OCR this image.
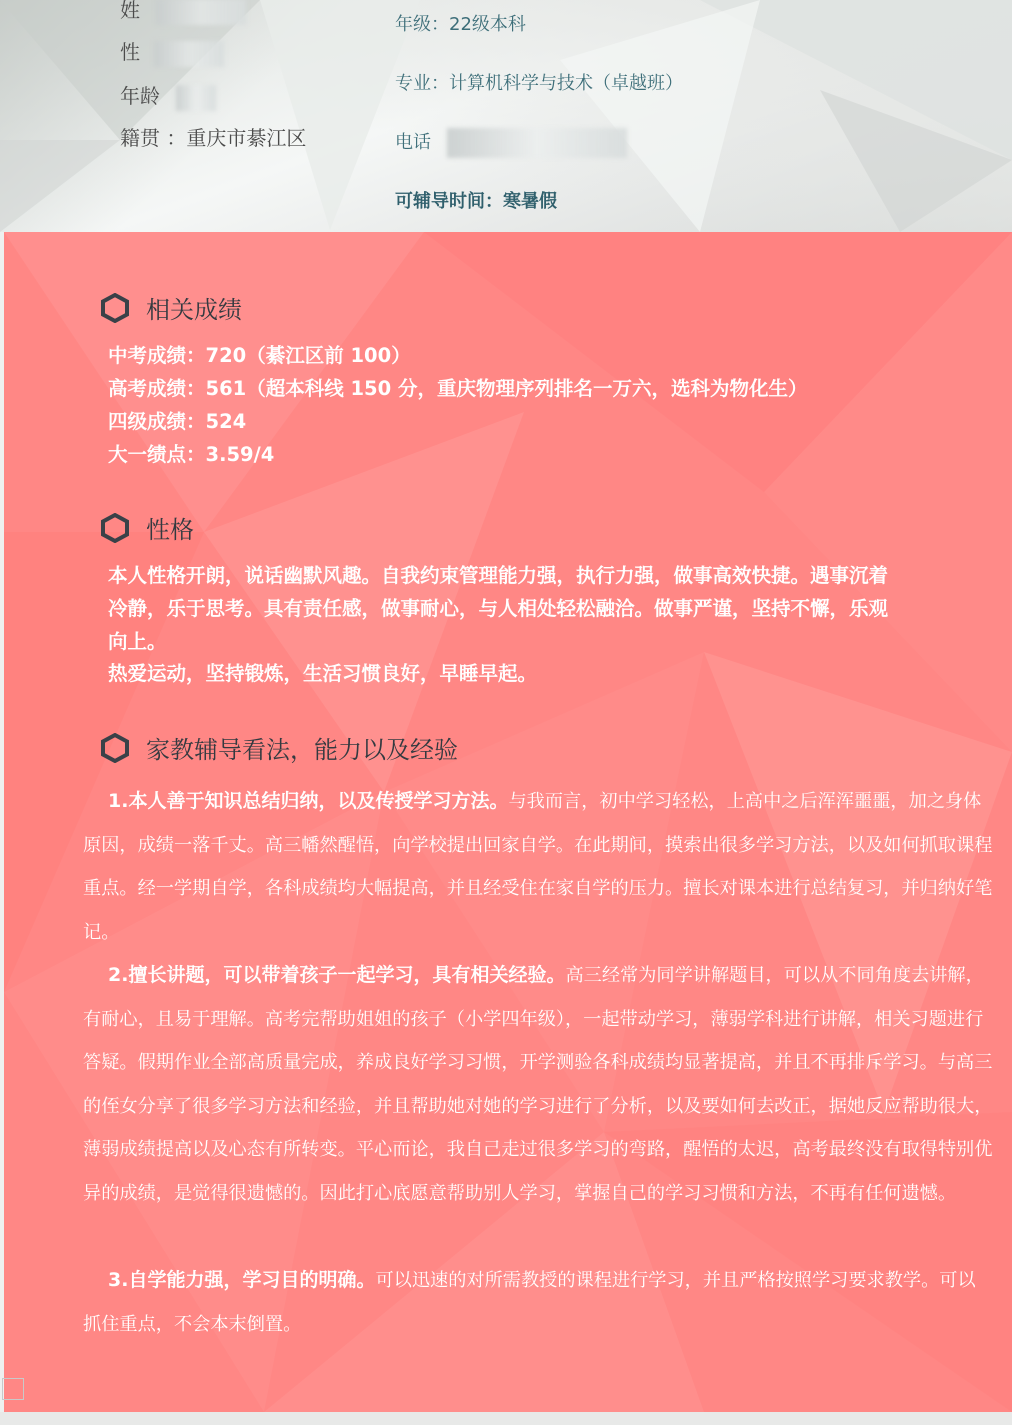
姓
性
年龄
籍贯 ：重庆市綦江区
年级：22级本科
专业：计算机科学与技术（卓越班）
电话
可辅导时间：寒暑假
相关成绩
中考成绩：720（綦江区前 100）
高考成绩：561（超本科线 150 分，重庆物理序列排名一万六，选科为物化生）
四级成绩：524
大一绩点：3.59/4
性格
本人性格开朗，说话幽默风趣。自我约束管理能力强，执行力强，做事高效快捷。遇事沉着
冷静，乐于思考。具有责任感，做事耐心，与人相处轻松融洽。做事严谨，坚持不懈，乐观
向上。
热爱运动，坚持锻炼，生活习惯良好，早睡早起。
家教辅导看法，能力以及经验
1.本人善于知识总结归纳，以及传授学习方法。与我而言，初中学习轻松，上高中之后浑浑噩噩，加之身体原因，成绩一落千丈。高三幡然醒悟，向学校提出回家自学。在此期间，摸索出很多学习方法，以及如何抓取课程重点。经一学期自学，各科成绩均大幅提高，并且经受住在家自学的压力。擅长对课本进行总结复习，并归纳好笔记。
2.擅长讲题，可以带着孩子一起学习，具有相关经验。高三经常为同学讲解题目，可以从不同角度去讲解，有耐心，且易于理解。高考完帮助姐姐的孩子（小学四年级），一起带动学习，薄弱学科进行讲解，相关习题进行答疑。假期作业全部高质量完成，养成良好学习习惯，开学测验各科成绩均显著提高，并且不再排斥学习。与高三的侄女分享了很多学习方法和经验，并且帮助她对她的学习进行了分析，以及要如何去改正，据她反应帮助很大，薄弱成绩提高以及心态有所转变。平心而论，我自己走过很多学习的弯路，醒悟的太迟，高考最终没有取得特别优异的成绩，是觉得很遗憾的。因此打心底愿意帮助别人学习，掌握自己的学习习惯和方法，不再有任何遗憾。
3.自学能力强，学习目的明确。可以迅速的对所需教授的课程进行学习，并且严格按照学习要求教学。可以抓住重点，不会本末倒置。
